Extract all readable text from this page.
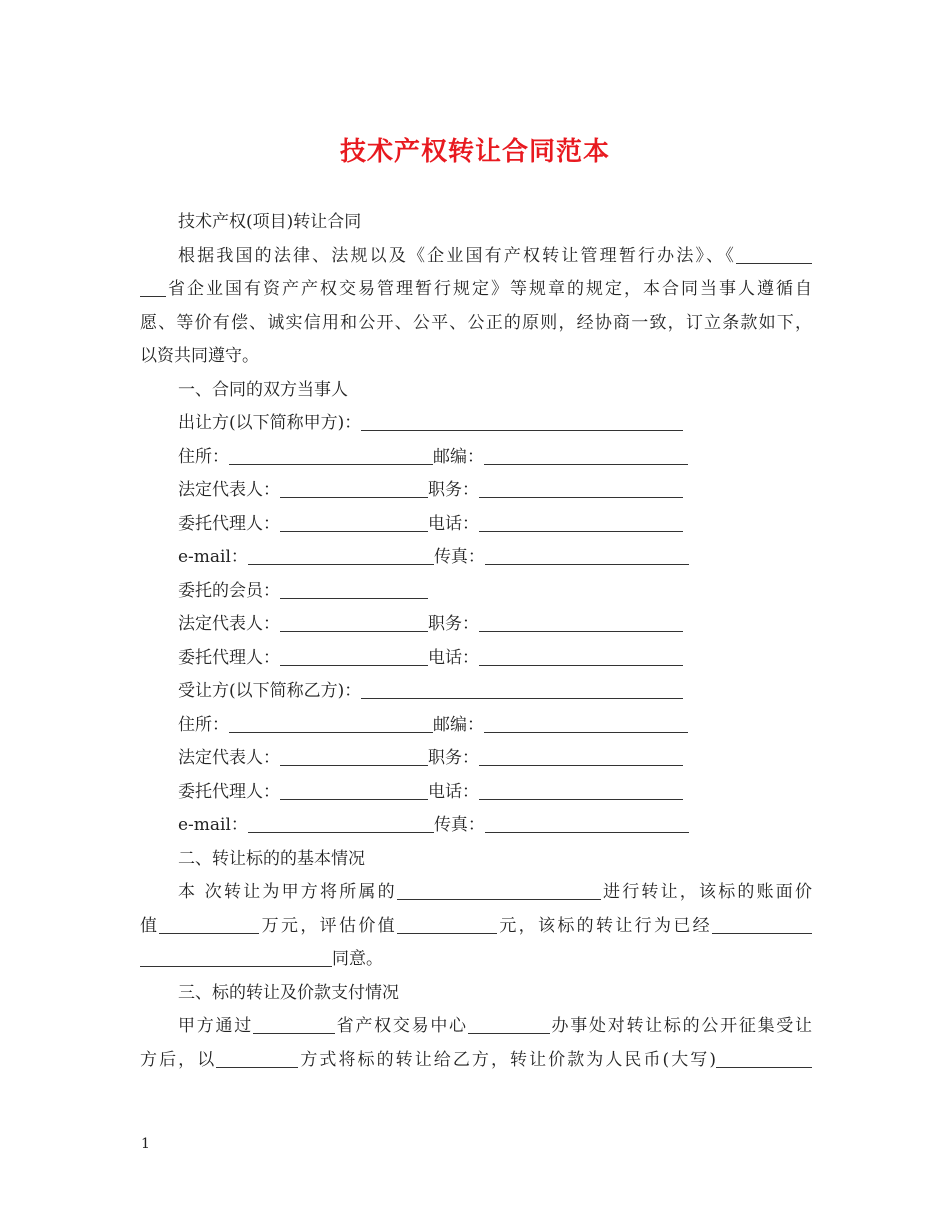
技术产权转让合同范本
技术产权(项目)转让合同
根据我国的法律、法规以及《企业国有产权转让管理暂行办法》、《
省企业国有资产产权交易管理暂行规定》等规章的规定，本合同当事人遵循自
愿、等价有偿、诚实信用和公开、公平、公正的原则，经协商一致，订立条款如下，
以资共同遵守。
一、合同的双方当事人
出让方(以下简称甲方)：
住所：	邮编：
法定代表人：	职务：
委托代理人：	电话：
e-mail：	传真：
委托的会员：
法定代表人：	职务：
委托代理人：	电话：
受让方(以下简称乙方)：
住所：	邮编：
法定代表人：	职务：
委托代理人：	电话：
e-mail：	传真：
二、转让标的的基本情况
本 次转让为甲方将所属的	进行转让，该标的账面价
值	万元，评估价值	元，该标的转让行为已经
同意。
三、标的转让及价款支付情况
甲方通过	省产权交易中心	办事处对转让标的公开征集受让
方后，以	方式将标的转让给乙方，转让价款为人民币(大写)
1
